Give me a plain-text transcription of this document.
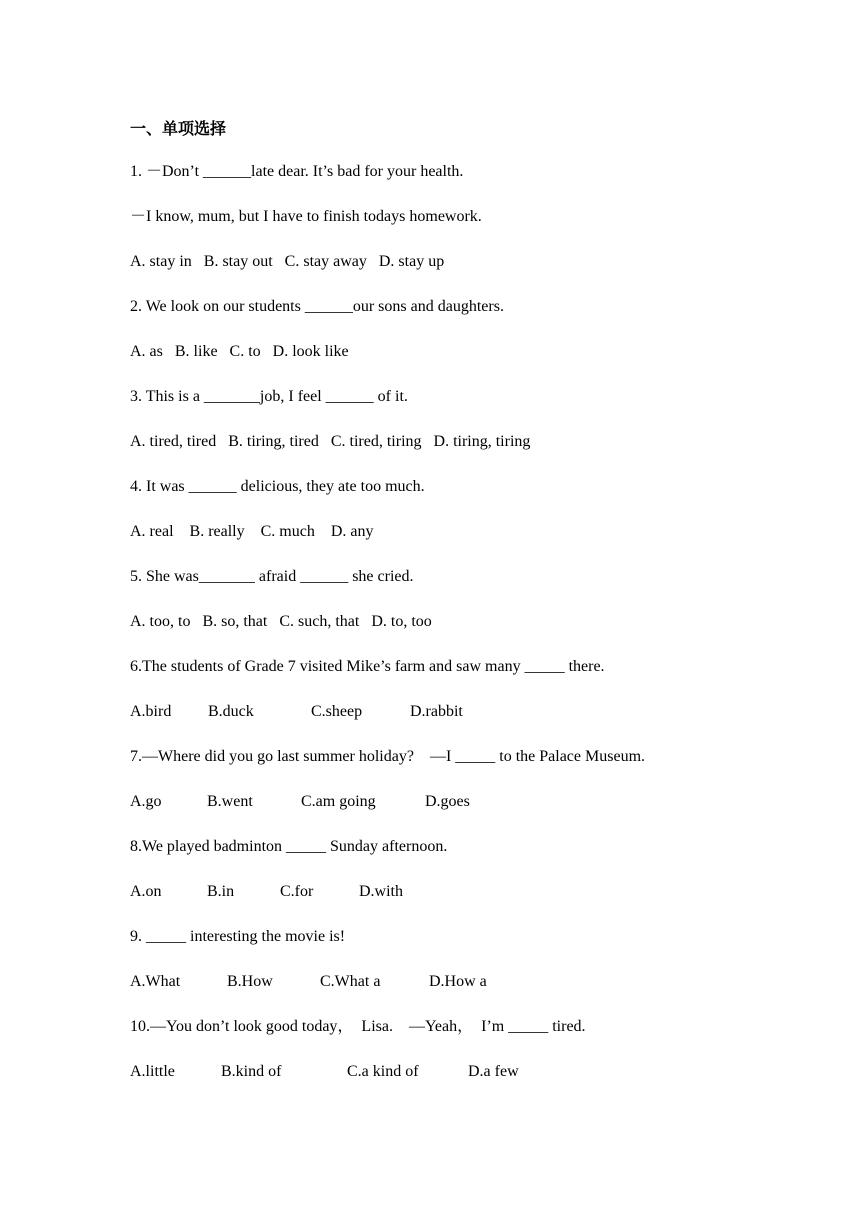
一、单项选择
1. －Don’t ______late dear. It’s bad for your health.
－I know, mum, but I have to finish todays homework.
A. stay in   B. stay out   C. stay away   D. stay up
2. We look on our students ______our sons and daughters.
A. as   B. like   C. to   D. look like
3. This is a _______job, I feel ______ of it.
A. tired, tired   B. tiring, tired   C. tired, tiring   D. tiring, tiring
4. It was ______ delicious, they ate too much.
A. real    B. really    C. much    D. any
5. She was_______ afraid ______ she cried.
A. too, to   B. so, that   C. such, that   D. to, too
6.The students of Grade 7 visited Mike’s farm and saw many _____ there.

A.bird

B.duck

	C.sheep

	D.rabbit

7.—Where did you go last summer holiday?    —I _____ to the Palace Museum.

A.go

	B.went

	C.am going

	D.goes

8.We played badminton _____ Sunday afternoon.

A.on

	B.in

	C.for

	D.with

9. _____ interesting the movie is!

A.What

	B.How

	C.What a

	D.How a

10.—You don’t look good today，  Lisa.    —Yeah，  I’m _____ tired.

A.little

	B.kind of

	C.a kind of

	D.a few
